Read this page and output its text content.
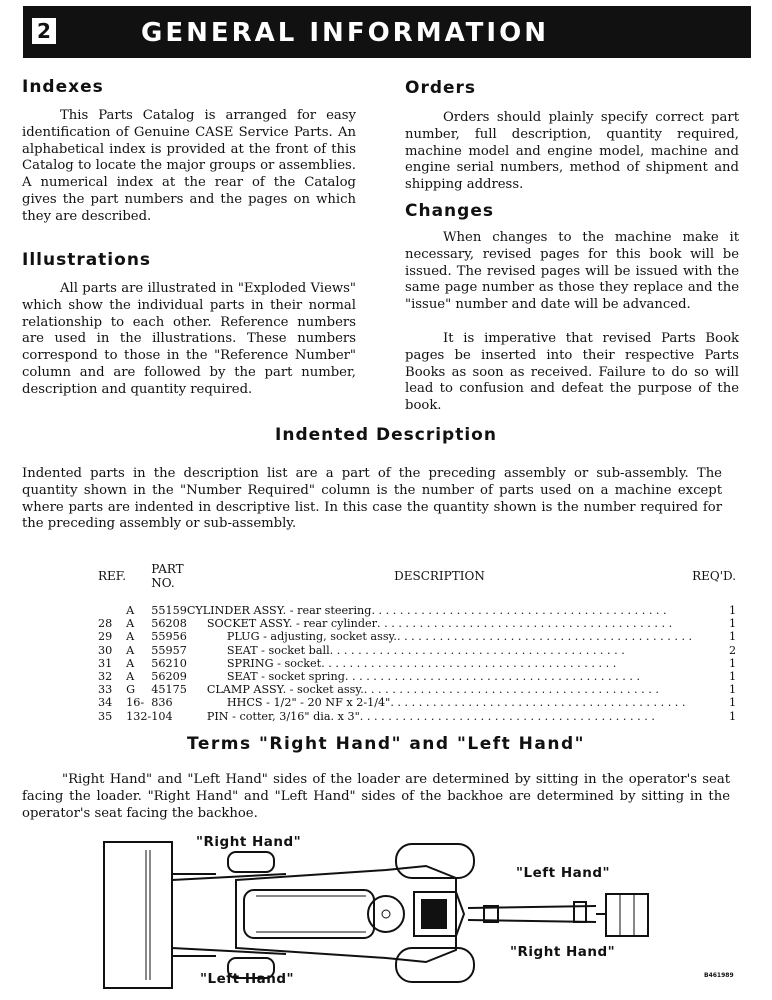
2	GENERAL INFORMATION
Indexes

This Parts Catalog is arranged for easy identification of Genuine CASE Service Parts. An alphabetical index is provided at the front of this Catalog to locate the major groups or assemblies. A numerical index at the rear of the Catalog gives the part numbers and the pages on which they are described.

Illustrations

All parts are illustrated in "Exploded Views" which show the individual parts in their normal relationship to each other. Reference numbers are used in the illustrations. These numbers correspond to those in the "Reference Number" column and are followed by the part number, description and quantity required.

Orders

Orders should plainly specify correct part number, full description, quantity required, machine model and engine model, machine and engine serial numbers, method of shipment and shipping address.

Changes

When changes to the machine make it necessary, revised pages for this book will be issued. The revised pages will be issued with the same page number as those they replace and the "issue" number and date will be advanced.

It is imperative that revised Parts Book pages be inserted into their respective Parts Books as soon as received. Failure to do so will lead to confusion and defeat the purpose of the book.

Indented Description

Indented parts in the description list are a part of the preceding assembly or sub-assembly. The quantity shown in the "Number Required" column is the number of parts used on a machine except where parts are indented in descriptive list. In this case the quantity shown is the number required for the preceding assembly or sub-assembly.

REF.		PART NO.	DESCRIPTION	REQ'D.
	A	55159	CYLINDER ASSY. - rear steering . . . . . . . . . . . . . . . . . . . . . . . . . . . . . . . . . . . . . . . . . .	1
28	A	56208	SOCKET ASSY. - rear cylinder . . . . . . . . . . . . . . . . . . . . . . . . . . . . . . . . . . . . . . . . . .	1
29	A	55956	PLUG - adjusting, socket assy. . . . . . . . . . . . . . . . . . . . . . . . . . . . . . . . . . . . . . . . . . .	1
30	A	55957	SEAT - socket ball . . . . . . . . . . . . . . . . . . . . . . . . . . . . . . . . . . . . . . . . . .	2
31	A	56210	SPRING - socket . . . . . . . . . . . . . . . . . . . . . . . . . . . . . . . . . . . . . . . . . .	1
32	A	56209	SEAT - socket spring . . . . . . . . . . . . . . . . . . . . . . . . . . . . . . . . . . . . . . . . . .	1
33	G	45175	CLAMP ASSY. - socket assy. . . . . . . . . . . . . . . . . . . . . . . . . . . . . . . . . . . . . . . . . . .	1
34	16-	836	HHCS - 1/2" - 20 NF x 2-1/4" . . . . . . . . . . . . . . . . . . . . . . . . . . . . . . . . . . . . . . . . . .	1
35	132-	104	PIN - cotter, 3/16" dia. x 3" . . . . . . . . . . . . . . . . . . . . . . . . . . . . . . . . . . . . . . . . . .	1
Terms "Right Hand" and "Left Hand"

"Right Hand" and "Left Hand" sides of the loader are determined by sitting in the operator's seat facing the loader. "Right Hand" and "Left Hand" sides of the backhoe are determined by sitting in the operator's seat facing the backhoe.

"Right Hand"
"Left Hand"
"Left Hand"
"Right Hand"
B461989
